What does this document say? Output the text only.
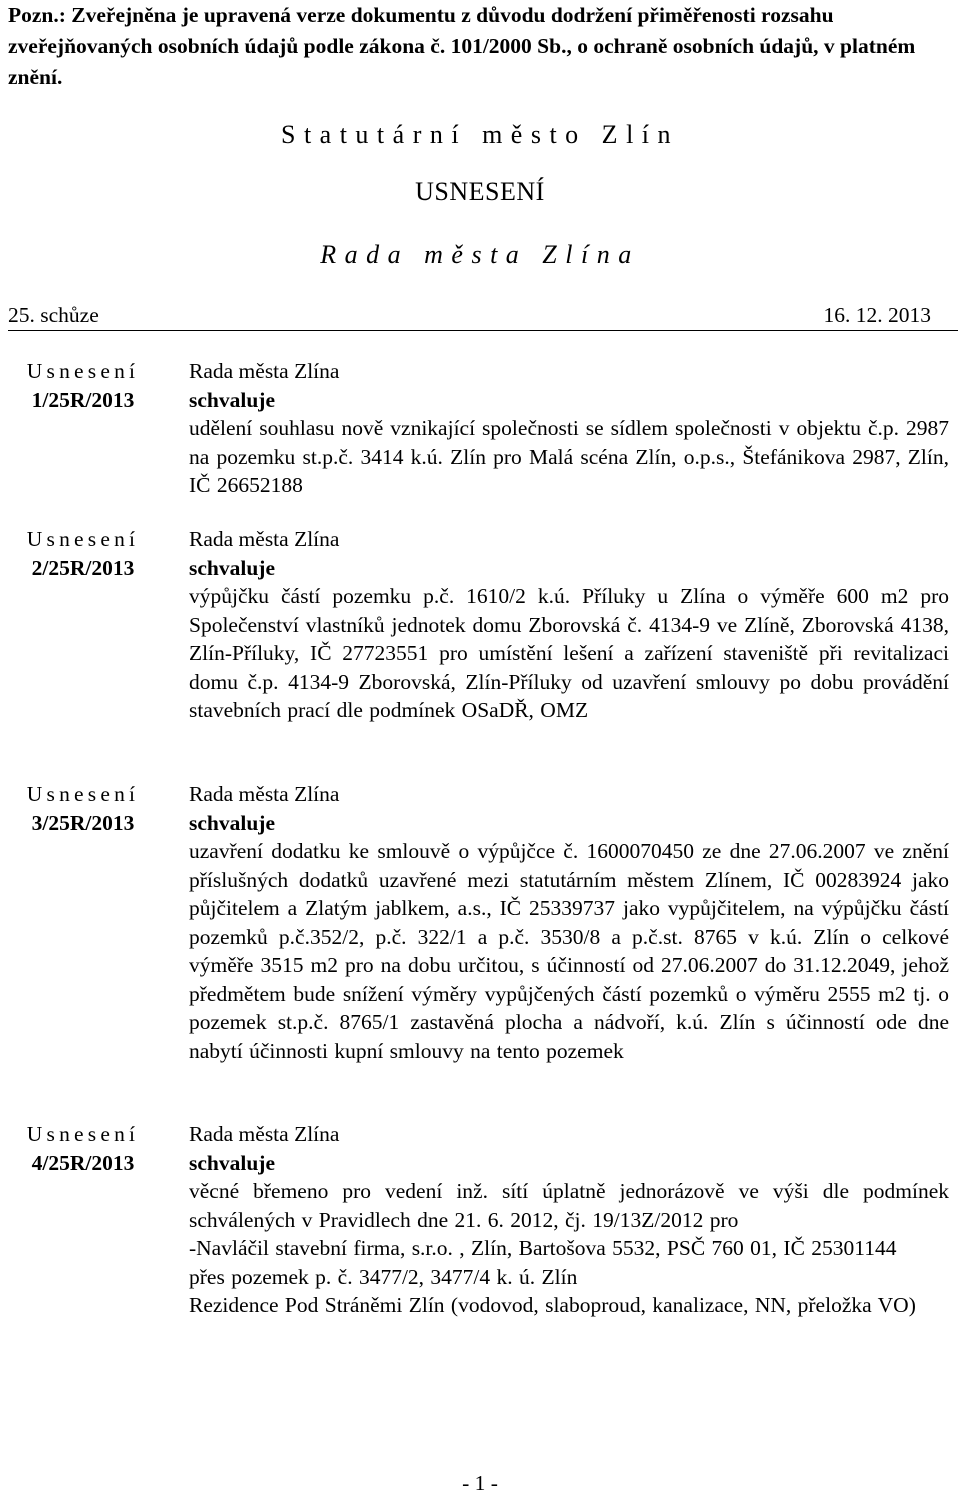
Pozn.: Zveřejněna je upravená verze dokumentu z důvodu dodržení přiměřenosti rozsahu zveřejňovaných osobních údajů podle zákona č. 101/2000 Sb., o ochraně osobních údajů, v platném znění.
Statutární město Zlín
USNESENÍ
Rada města Zlína
25. schůze	16. 12. 2013
Usnesení
1/25R/2013
Rada města Zlína
schvaluje

udělení souhlasu nově vznikající společnosti se sídlem společnosti v objektu č.p. 2987 na pozemku st.p.č. 3414 k.ú. Zlín pro Malá scéna Zlín, o.p.s., Štefánikova 2987, Zlín, IČ 26652188

Usnesení
2/25R/2013
Rada města Zlína
schvaluje

výpůjčku částí pozemku p.č. 1610/2 k.ú. Příluky u Zlína o výměře 600 m2 pro Společenství vlastníků jednotek domu Zborovská č. 4134-9 ve Zlíně, Zborovská 4138, Zlín-Příluky, IČ 27723551 pro umístění lešení a zařízení staveniště při revitalizaci domu č.p. 4134-9 Zborovská, Zlín-Příluky od uzavření smlouvy po dobu provádění stavebních prací dle podmínek OSaDŘ, OMZ

Usnesení
3/25R/2013
Rada města Zlína
schvaluje

uzavření dodatku ke smlouvě o výpůjčce č. 1600070450 ze dne 27.06.2007 ve znění příslušných dodatků uzavřené mezi statutárním městem Zlínem, IČ 00283924 jako půjčitelem a Zlatým jablkem, a.s., IČ 25339737 jako vypůjčitelem, na výpůjčku částí pozemků p.č.352/2, p.č. 322/1 a p.č. 3530/8 a p.č.st. 8765 v k.ú. Zlín o celkové výměře 3515 m2 pro na dobu určitou, s účinností od 27.06.2007 do 31.12.2049, jehož předmětem bude snížení výměry vypůjčených částí pozemků o výměru 2555 m2 tj. o pozemek st.p.č. 8765/1 zastavěná plocha a nádvoří, k.ú. Zlín s účinností ode dne nabytí účinnosti kupní smlouvy na tento pozemek

Usnesení
4/25R/2013
Rada města Zlína
schvaluje

věcné břemeno pro vedení inž. sítí úplatně jednorázově ve výši dle podmínek schválených v Pravidlech dne 21. 6. 2012, čj. 19/13Z/2012 pro

-Navláčil stavební firma, s.r.o. , Zlín, Bartošova 5532, PSČ 760 01, IČ 25301144

přes pozemek p. č. 3477/2, 3477/4 k. ú. Zlín

Rezidence Pod Stráněmi Zlín (vodovod, slaboproud, kanalizace, NN, přeložka VO)

- 1 -
